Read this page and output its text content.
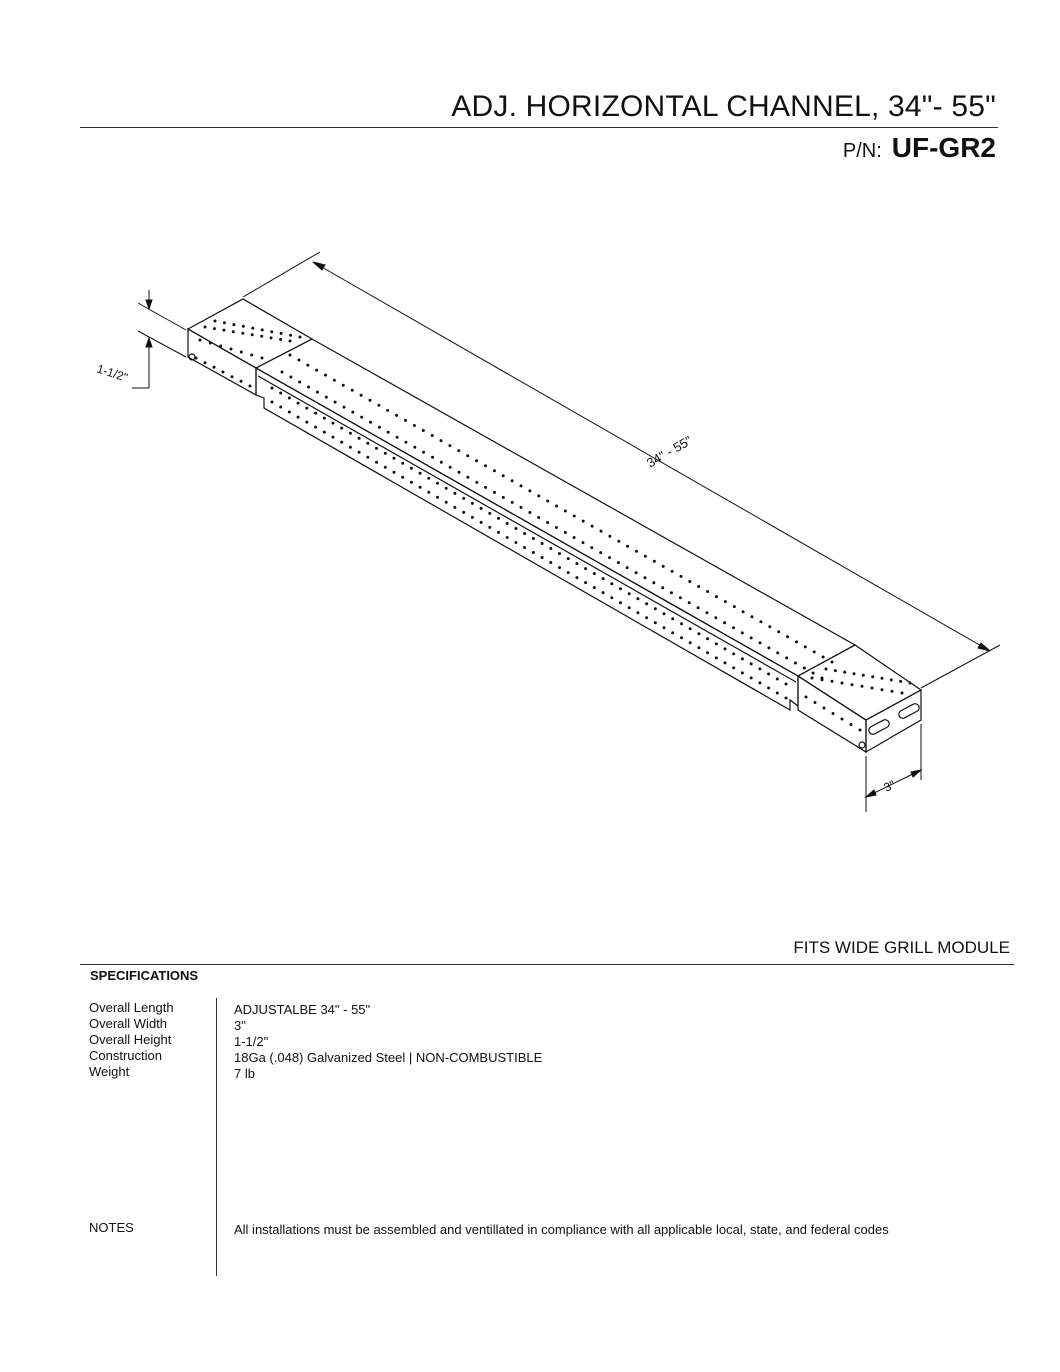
ADJ. HORIZONTAL CHANNEL, 34"- 55"
P/N: UF-GR2
34" - 55"
1-1/2"
3"
FITS WIDE GRILL MODULE
SPECIFICATIONS
Overall Length
Overall Width
Overall Height
Construction
Weight
ADJUSTALBE 34" - 55"
3"
1-1/2"
18Ga (.048) Galvanized Steel | NON-COMBUSTIBLE
7 lb
NOTES	All installations must be assembled and ventillated in compliance with all applicable local, state, and federal codes
